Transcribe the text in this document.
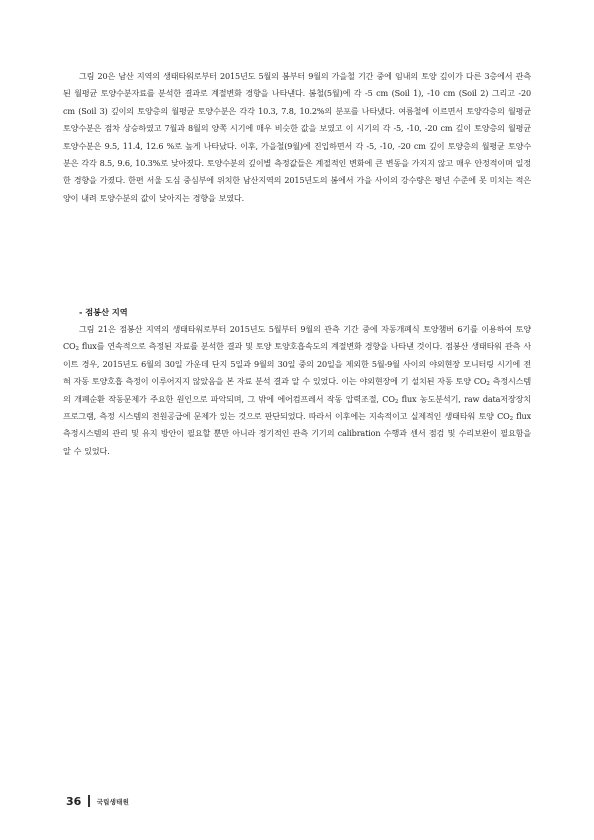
그림 20은 남산 지역의 생태타워로부터 2015년도 5월의 봄부터 9월의 가을철 기간 중에 임내의 토양 깊이가 다른 3층에서 관측된 월평균 토양수분자료를 분석한 결과로 계절변화 경향을 나타낸다. 봄철(5월)에 각 -5 cm (Soil 1), -10 cm (Soil 2) 그리고 -20 cm (Soil 3) 깊이의 토양층의 월평균 토양수분은 각각 10.3, 7.8, 10.2%의 분포를 나타냈다. 여름철에 이르면서 토양각층의 월평균 토양수분은 점차 상승하였고 7월과 8월의 양쪽 시기에 매우 비슷한 값을 보였고 이 시기의 각 -5, -10, -20 cm 깊이 토양층의 월평균 토양수분은 9.5, 11.4, 12.6 %로 높게 나타났다. 이후, 가을철(9월)에 진입하면서 각 -5, -10, -20 cm 깊이 토양층의 월평균 토양수분은 각각 8.5, 9.6, 10.3%로 낮아졌다. 토양수분의 깊이별 측정값들은 계절적인 변화에 큰 변동을 가지지 않고 매우 안정적이며 일정한 경향을 가졌다. 한편 서울 도심 중심부에 위치한 남산지역의 2015년도의 봄에서 가을 사이의 강수량은 평년 수준에 못 미치는 적은 양이 내려 토양수분의 값이 낮아지는 경향을 보였다.

- 점봉산 지역

그림 21은 점봉산 지역의 생태타워로부터 2015년도 5월부터 9월의 관측 기간 중에 자동개폐식 토양챔버 6기를 이용하여 토양 $CO_2$ flux를 연속적으로 측정된 자료를 분석한 결과 및 토양 토양호흡속도의 계절변화 경향을 나타낸 것이다. 점봉산 생태타워 관측 사이트 경우, 2015년도 6월의 30일 가운데 단지 5일과 9월의 30일 중의 20일을 제외한 5월-9월 사이의 야외현장 모니터링 시기에 전혀 자동 토양호흡 측정이 이루어지지 않았음을 본 자료 분석 결과 알 수 있었다. 이는 야외현장에 기 설치된 자동 토양 $CO_2$ 측정시스템의 개폐순환 작동문제가 주요한 원인으로 파악되며, 그 밖에 에어컴프레서 작동 압력조절, $CO_2$ flux 농도분석기, raw data저장장치 프로그램, 측정 시스템의 전원공급에 문제가 있는 것으로 판단되었다. 따라서 이후에는 지속적이고 실제적인 생태타워 토양 $CO_2$ flux 측정시스템의 관리 및 유지 방안이 필요할 뿐만 아니라 정기적인 관측 기기의 calibration 수행과 센서 점검 및 수리보완이 필요함을 알 수 있었다.

36 국립생태원
